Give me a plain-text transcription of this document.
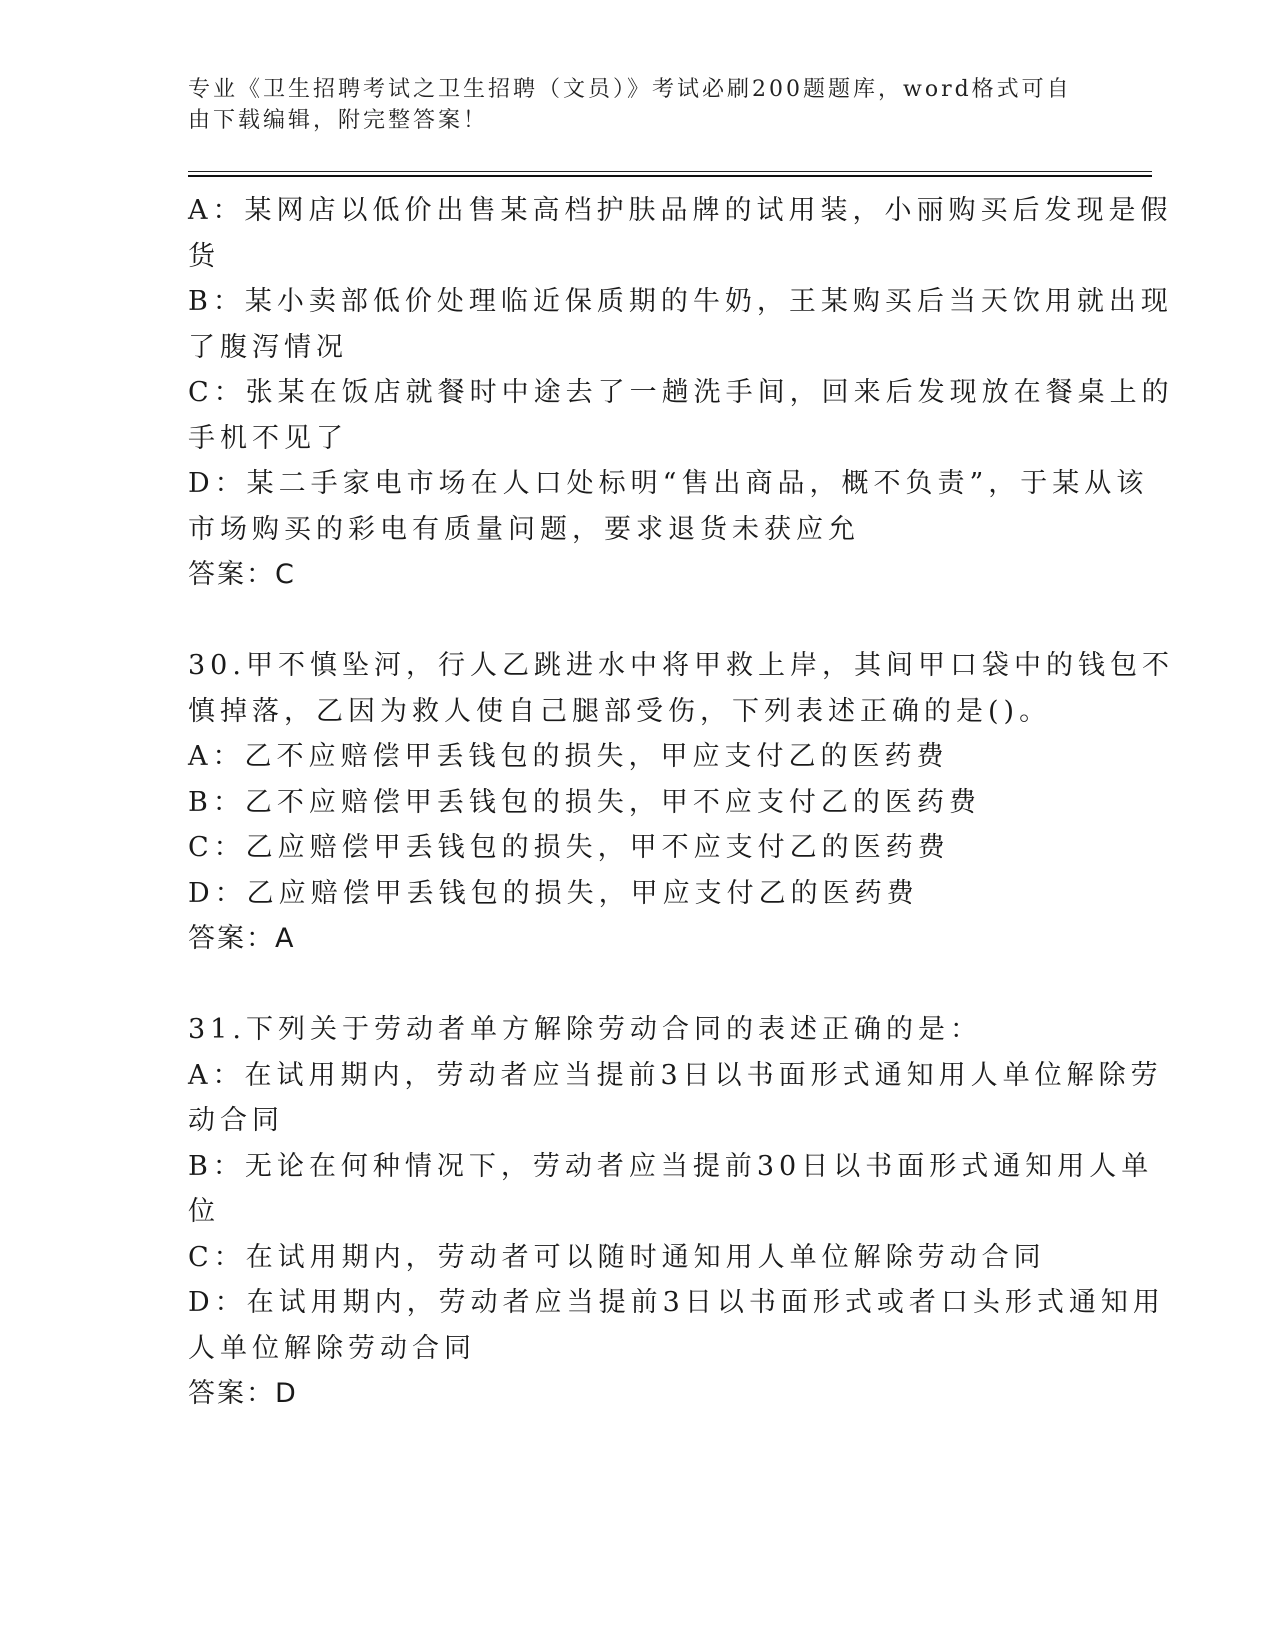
专业《卫生招聘考试之卫生招聘（文员）》考试必刷200题题库，word格式可自
由下载编辑，附完整答案！
A：某网店以低价出售某高档护肤品牌的试用装，小丽购买后发现是假
货
B：某小卖部低价处理临近保质期的牛奶，王某购买后当天饮用就出现
了腹泻情况
C：张某在饭店就餐时中途去了一趟洗手间，回来后发现放在餐桌上的
手机不见了
D：某二手家电市场在人口处标明“售出商品，概不负责”，于某从该
市场购买的彩电有质量问题，要求退货未获应允
答案：C
30.甲不慎坠河，行人乙跳进水中将甲救上岸，其间甲口袋中的钱包不
慎掉落，乙因为救人使自己腿部受伤，下列表述正确的是()。
A：乙不应赔偿甲丢钱包的损失，甲应支付乙的医药费
B：乙不应赔偿甲丢钱包的损失，甲不应支付乙的医药费
C：乙应赔偿甲丢钱包的损失，甲不应支付乙的医药费
D：乙应赔偿甲丢钱包的损失，甲应支付乙的医药费
答案：A
31.下列关于劳动者单方解除劳动合同的表述正确的是：
A：在试用期内，劳动者应当提前3日以书面形式通知用人单位解除劳
动合同
B：无论在何种情况下，劳动者应当提前30日以书面形式通知用人单
位
C：在试用期内，劳动者可以随时通知用人单位解除劳动合同
D：在试用期内，劳动者应当提前3日以书面形式或者口头形式通知用
人单位解除劳动合同
答案：D
